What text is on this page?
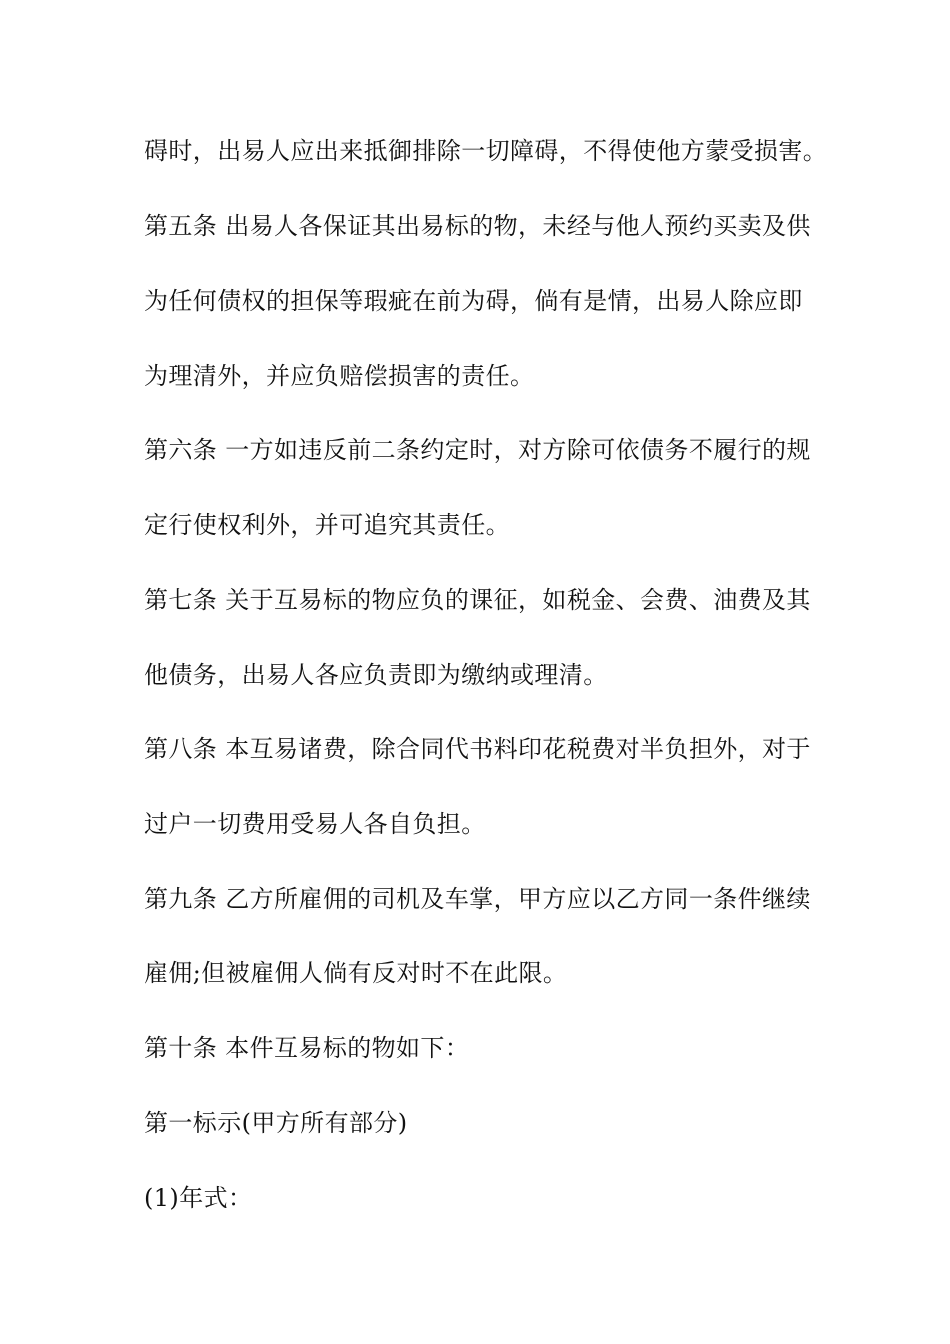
碍时，出易人应出来抵御排除一切障碍，不得使他方蒙受损害。
第五条 出易人各保证其出易标的物，未经与他人预约买卖及供
为任何债权的担保等瑕疵在前为碍，倘有是情，出易人除应即
为理清外，并应负赔偿损害的责任。
第六条 一方如违反前二条约定时，对方除可依债务不履行的规
定行使权利外，并可追究其责任。
第七条 关于互易标的物应负的课征，如税金、会费、油费及其
他债务，出易人各应负责即为缴纳或理清。
第八条 本互易诸费，除合同代书料印花税费对半负担外，对于
过户一切费用受易人各自负担。
第九条 乙方所雇佣的司机及车掌，甲方应以乙方同一条件继续
雇佣;但被雇佣人倘有反对时不在此限。
第十条 本件互易标的物如下：
第一标示(甲方所有部分)
(1)年式：
